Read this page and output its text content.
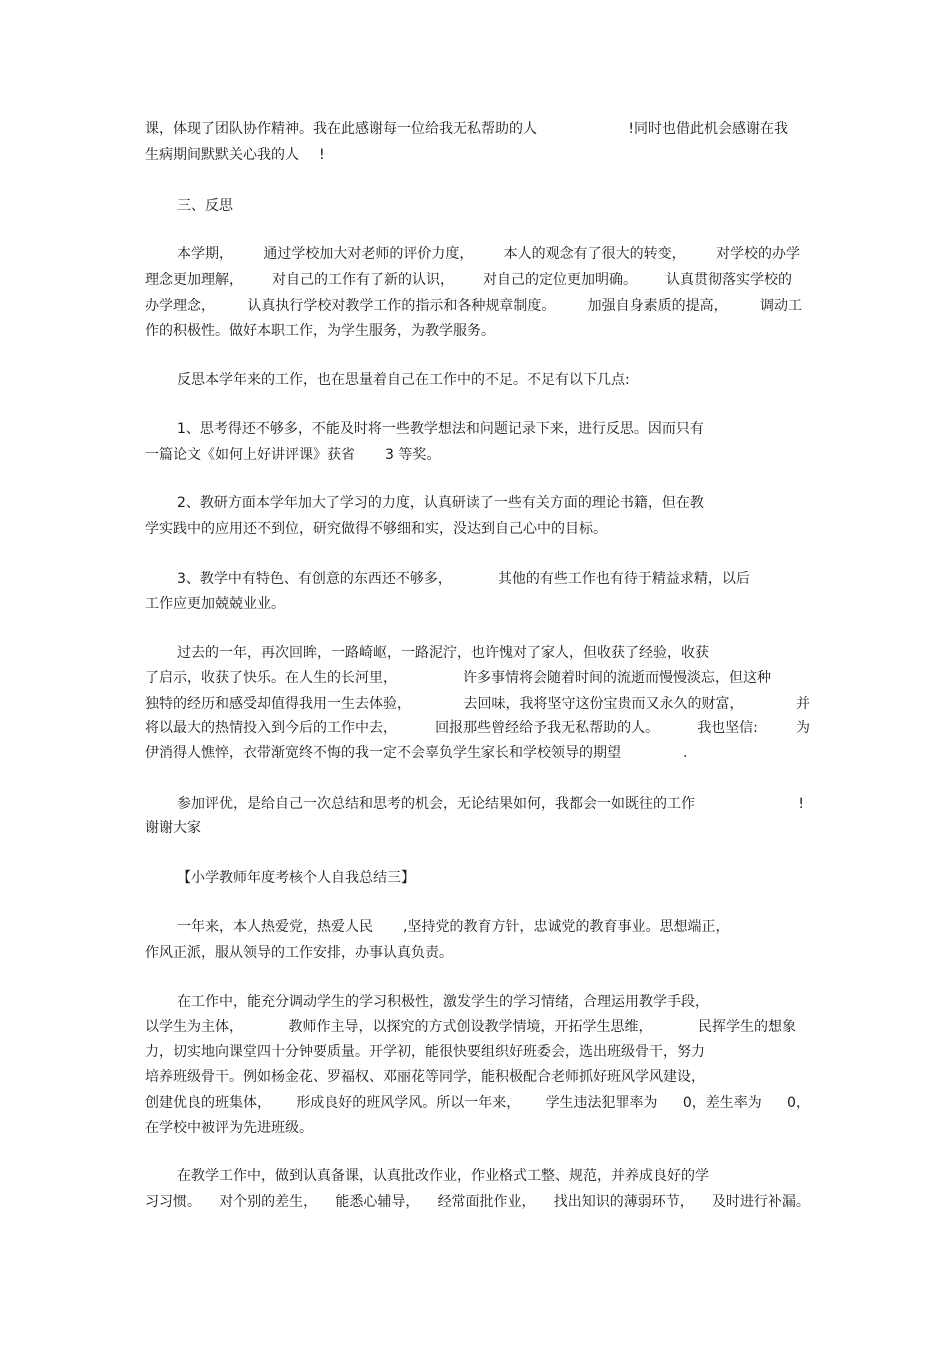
课，体现了团队协作精神。我在此感谢每一位给我无私帮助的人	!同时也借此机会感谢在我
生病期间默默关心我的人 !
三、反思
本学期， 通过学校加大对老师的评价力度， 本人的观念有了很大的转变， 对学校的办学
理念更加理解， 对自己的工作有了新的认识， 对自己的定位更加明确。 认真贯彻落实学校的
办学理念， 认真执行学校对教学工作的指示和各种规章制度。 加强自身素质的提高， 调动工
作的积极性。做好本职工作，为学生服务，为教学服务。
反思本学年来的工作，也在思量着自己在工作中的不足。不足有以下几点:
1、思考得还不够多，不能及时将一些教学想法和问题记录下来，进行反思。因而只有
一篇论文《如何上好讲评课》获省 3 等奖。
2、教研方面本学年加大了学习的力度，认真研读了一些有关方面的理论书籍，但在教
学实践中的应用还不到位，研究做得不够细和实，没达到自己心中的目标。
3、教学中有特色、有创意的东西还不够多，	其他的有些工作也有待于精益求精，以后
工作应更加兢兢业业。
过去的一年，再次回眸，一路崎岖，一路泥泞，也许愧对了家人，但收获了经验，收获
了启示，收获了快乐。在人生的长河里，	许多事情将会随着时间的流逝而慢慢淡忘，但这种
独特的经历和感受却值得我用一生去体验，	去回味，我将坚守这份宝贵而又永久的财富，	并
将以最大的热情投入到今后的工作中去，	回报那些曾经给予我无私帮助的人。	我也坚信:	为
伊消得人憔悴，衣带渐宽终不悔的我一定不会辜负学生家长和学校领导的期望	.
参加评优，是给自己一次总结和思考的机会，无论结果如何，我都会一如既往的工作	!
谢谢大家
【小学教师年度考核个人自我总结三】
一年来，本人热爱党，热爱人民 ,坚持党的教育方针，忠诚党的教育事业。思想端正，
作风正派，服从领导的工作安排，办事认真负责。
在工作中，能充分调动学生的学习积极性，激发学生的学习情绪，合理运用教学手段，
以学生为主体，	教师作主导，以探究的方式创设教学情境，开拓学生思维，	民挥学生的想象
力，切实地向课堂四十分钟要质量。开学初，能很快要组织好班委会，选出班级骨干，努力
培养班级骨干。例如杨金花、罗福权、邓丽花等同学，能积极配合老师抓好班风学风建设，
创建优良的班集体， 形成良好的班风学风。所以一年来， 学生违法犯罪率为 0，差生率为 0，
在学校中被评为先进班级。
在教学工作中，做到认真备课，认真批改作业，作业格式工整、规范，并养成良好的学
习习惯。 对个别的差生， 能悉心辅导， 经常面批作业， 找出知识的薄弱环节， 及时进行补漏。
